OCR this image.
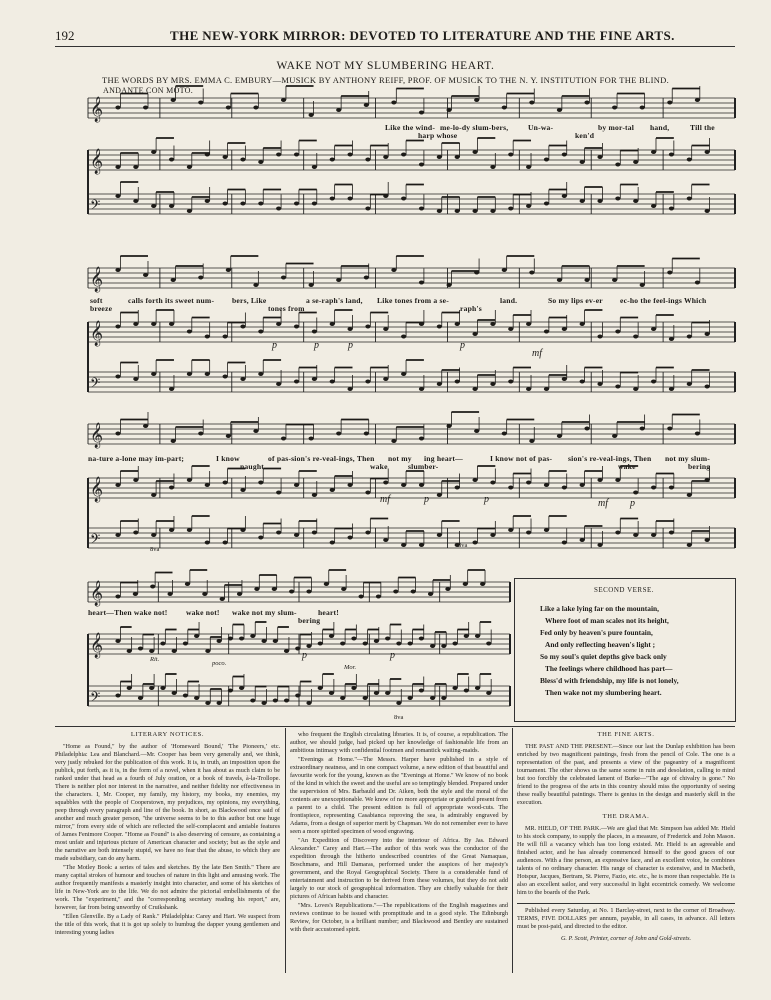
192	THE NEW-YORK MIRROR: DEVOTED TO LITERATURE AND THE FINE ARTS.
WAKE NOT MY SLUMBERING HEART.
THE WORDS BY MRS. EMMA C. EMBURY—MUSICK BY ANTHONY REIFF, PROF. OF MUSICK TO THE N. Y. INSTITUTION FOR THE BLIND.
ANDANTE CON MOTO.
𝄞
𝄞
𝄢
𝄞
𝄞
𝄢
𝄞
𝄞
𝄢
𝄞
𝄞
𝄢
Like the wind- me-lo-dy slum-bers,	Un-wa-	by mor-tal hand,	Till the
harp whose	ken'd
soft	calls forth its sweet num- bers, Like	a se-raph's land, Like tones from a se-	land.	So my lips ev-er ec-ho the feel-ings Which
breeze	tones from	raph's
na-ture a-lone may im-part;	I know	of pas-sion's re-veal-ings, Then not my ing heart—	I know not of pas- sion's re-veal-ings, Then not my slum-
naught	wake	slumber-	wake	bering
heart—Then wake not! wake not! wake not my slum-	heart!
bering
p	p	p	p
mf
mf	p	p	mf p
p	p
8va
8va
8va
Rit.
poco.
Mor.
SECOND VERSE.
Like a lake lying far on the mountain,
Where foot of man scales not its height,
Fed only by heaven's pure fountain,
And only reflecting heaven's light ;
So my soul's quiet depths give back only
The feelings where childhood has part—
Bless'd with friendship, my life is not lonely,
Then wake not my slumbering heart.

LITERARY NOTICES.

"Home as Found," by the author of 'Homeward Bound,' 'The Pioneers,' etc. Philadelphia: Lea and Blanchard.—Mr. Cooper has been very generally and, we think, very justly rebuked for the publication of this work. It is, in truth, an imposition upon the publick, put forth, as it is, in the form of a novel, when it has about as much claim to be ranked under that head as a fourth of July oration, or a book of travels, à-la-Trollope. There is neither plot nor interest in the narrative, and neither fidelity nor effectiveness in the characters. I, Mr. Cooper, my family, my history, my books, my enemies, my squabbles with the people of Cooperstown, my prejudices, my opinions, my everything, peep through every paragraph and line of the book. In short, as Blackwood once said of another and much greater person, "the universe seems to be to this author but one huge mirror," from every side of which are reflected the self-complacent and amiable features of James Fenimore Cooper. "Home as Found" is also deserving of censure, as containing a most unfair and injurious picture of American character and society; but as the style and the narrative are both intensely stupid, we have no fear that the abuse, to which they are made subsidiary, can do any harm.

"The Motley Book: a series of tales and sketches. By the late Ben Smith." There are many capital strokes of humour and touches of nature in this light and amusing work. The author frequently manifests a masterly insight into character, and some of his sketches of life in New-York are to the life. We do not admire the pictorial embellishments of the work. The "experiment," and the "corresponding secretary reading his report," are, however, far from being unworthy of Cruikshank.

"Ellen Glenville. By a Lady of Rank." Philadelphia: Carey and Hart. We suspect from the title of this work, that it is got up solely to humbug the dapper young gentlemen and interesting young ladies

who frequent the English circulating libraries. It is, of course, a republication. The author, we should judge, had picked up her knowledge of fashionable life from an ambitious intimacy with confidential footmen and romantick waiting-maids.

"Evenings at Home."—The Messrs. Harper have published in a style of extraordinary neatness, and in one compact volume, a new edition of that beautiful and favourite work for the young, known as the "Evenings at Home." We know of no book of the kind in which the sweet and the useful are so temptingly blended. Prepared under the supervision of Mrs. Barbauld and Dr. Aiken, both the style and the moral of the contents are unexceptionable. We know of no more appropriate or grateful present from a parent to a child. The present edition is full of appropriate wood-cuts. The frontispiece, representing Casabianca reproving the sea, is admirably engraved by Adams, from a design of superior merit by Chapman. We do not remember ever to have seen a more spirited specimen of wood engraving.

"An Expedition of Discovery into the interiour of Africa. By Jas. Edward Alexander." Carey and Hart.—The author of this work was the conductor of the expedition through the hitherto undescribed countries of the Great Namaquas, Boschmans, and Hill Damaras, performed under the auspices of her majesty's government, and the Royal Geographical Society. There is a considerable fund of entertainment and instruction to be derived from these volumes, but they do not add largely to our stock of geographical information. They are chiefly valuable for their pictures of African habits and character.

"Mrs. Loves's Republications."—The republications of the English magazines and reviews continue to be issued with promptitude and in a good style. The Edinburgh Review, for October, is a brilliant number; and Blackwood and Bentley are sustained with their accustomed spirit.

THE FINE ARTS.

THE PAST AND THE PRESENT.—Since our last the Dunlap exhibition has been enriched by two magnificent paintings, fresh from the pencil of Cole. The one is a representation of the past, and presents a view of the pageantry of a magnificent tournament. The other shows us the same scene in ruin and desolation, calling to mind but too forcibly the celebrated lament of Burke—"The age of chivalry is gone." No friend to the progress of the arts in this country should miss the opportunity of seeing these really beautiful paintings. There is genius in the design and masterly skill in the execution.

THE DRAMA.

MR. HIELD, OF THE PARK.—We are glad that Mr. Simpson has added Mr. Hield to his stock company, to supply the places, in a measure, of Frederick and John Mason. He will fill a vacancy which has too long existed. Mr. Hield is an agreeable and finished actor, and he has already commenced himself to the good graces of our audiences. With a fine person, an expressive face, and an excellent voice, he combines talents of no ordinary character. His range of character is extensive, and in Macbeth, Hotspur, Jacques, Bertram, St. Pierre, Fazio, etc. etc., he is more than respectable. He is also an excellent sailor, and very successful in light eccentrick comedy. We welcome him to the boards of the Park.

Published every Saturday, at No. 1 Barclay-street, next to the corner of Broadway. TERMS, FIVE DOLLARS per annum, payable, in all cases, in advance. All letters must be post-paid, and directed to the editor.

G. P. Scott, Printer, corner of John and Gold-streets.
